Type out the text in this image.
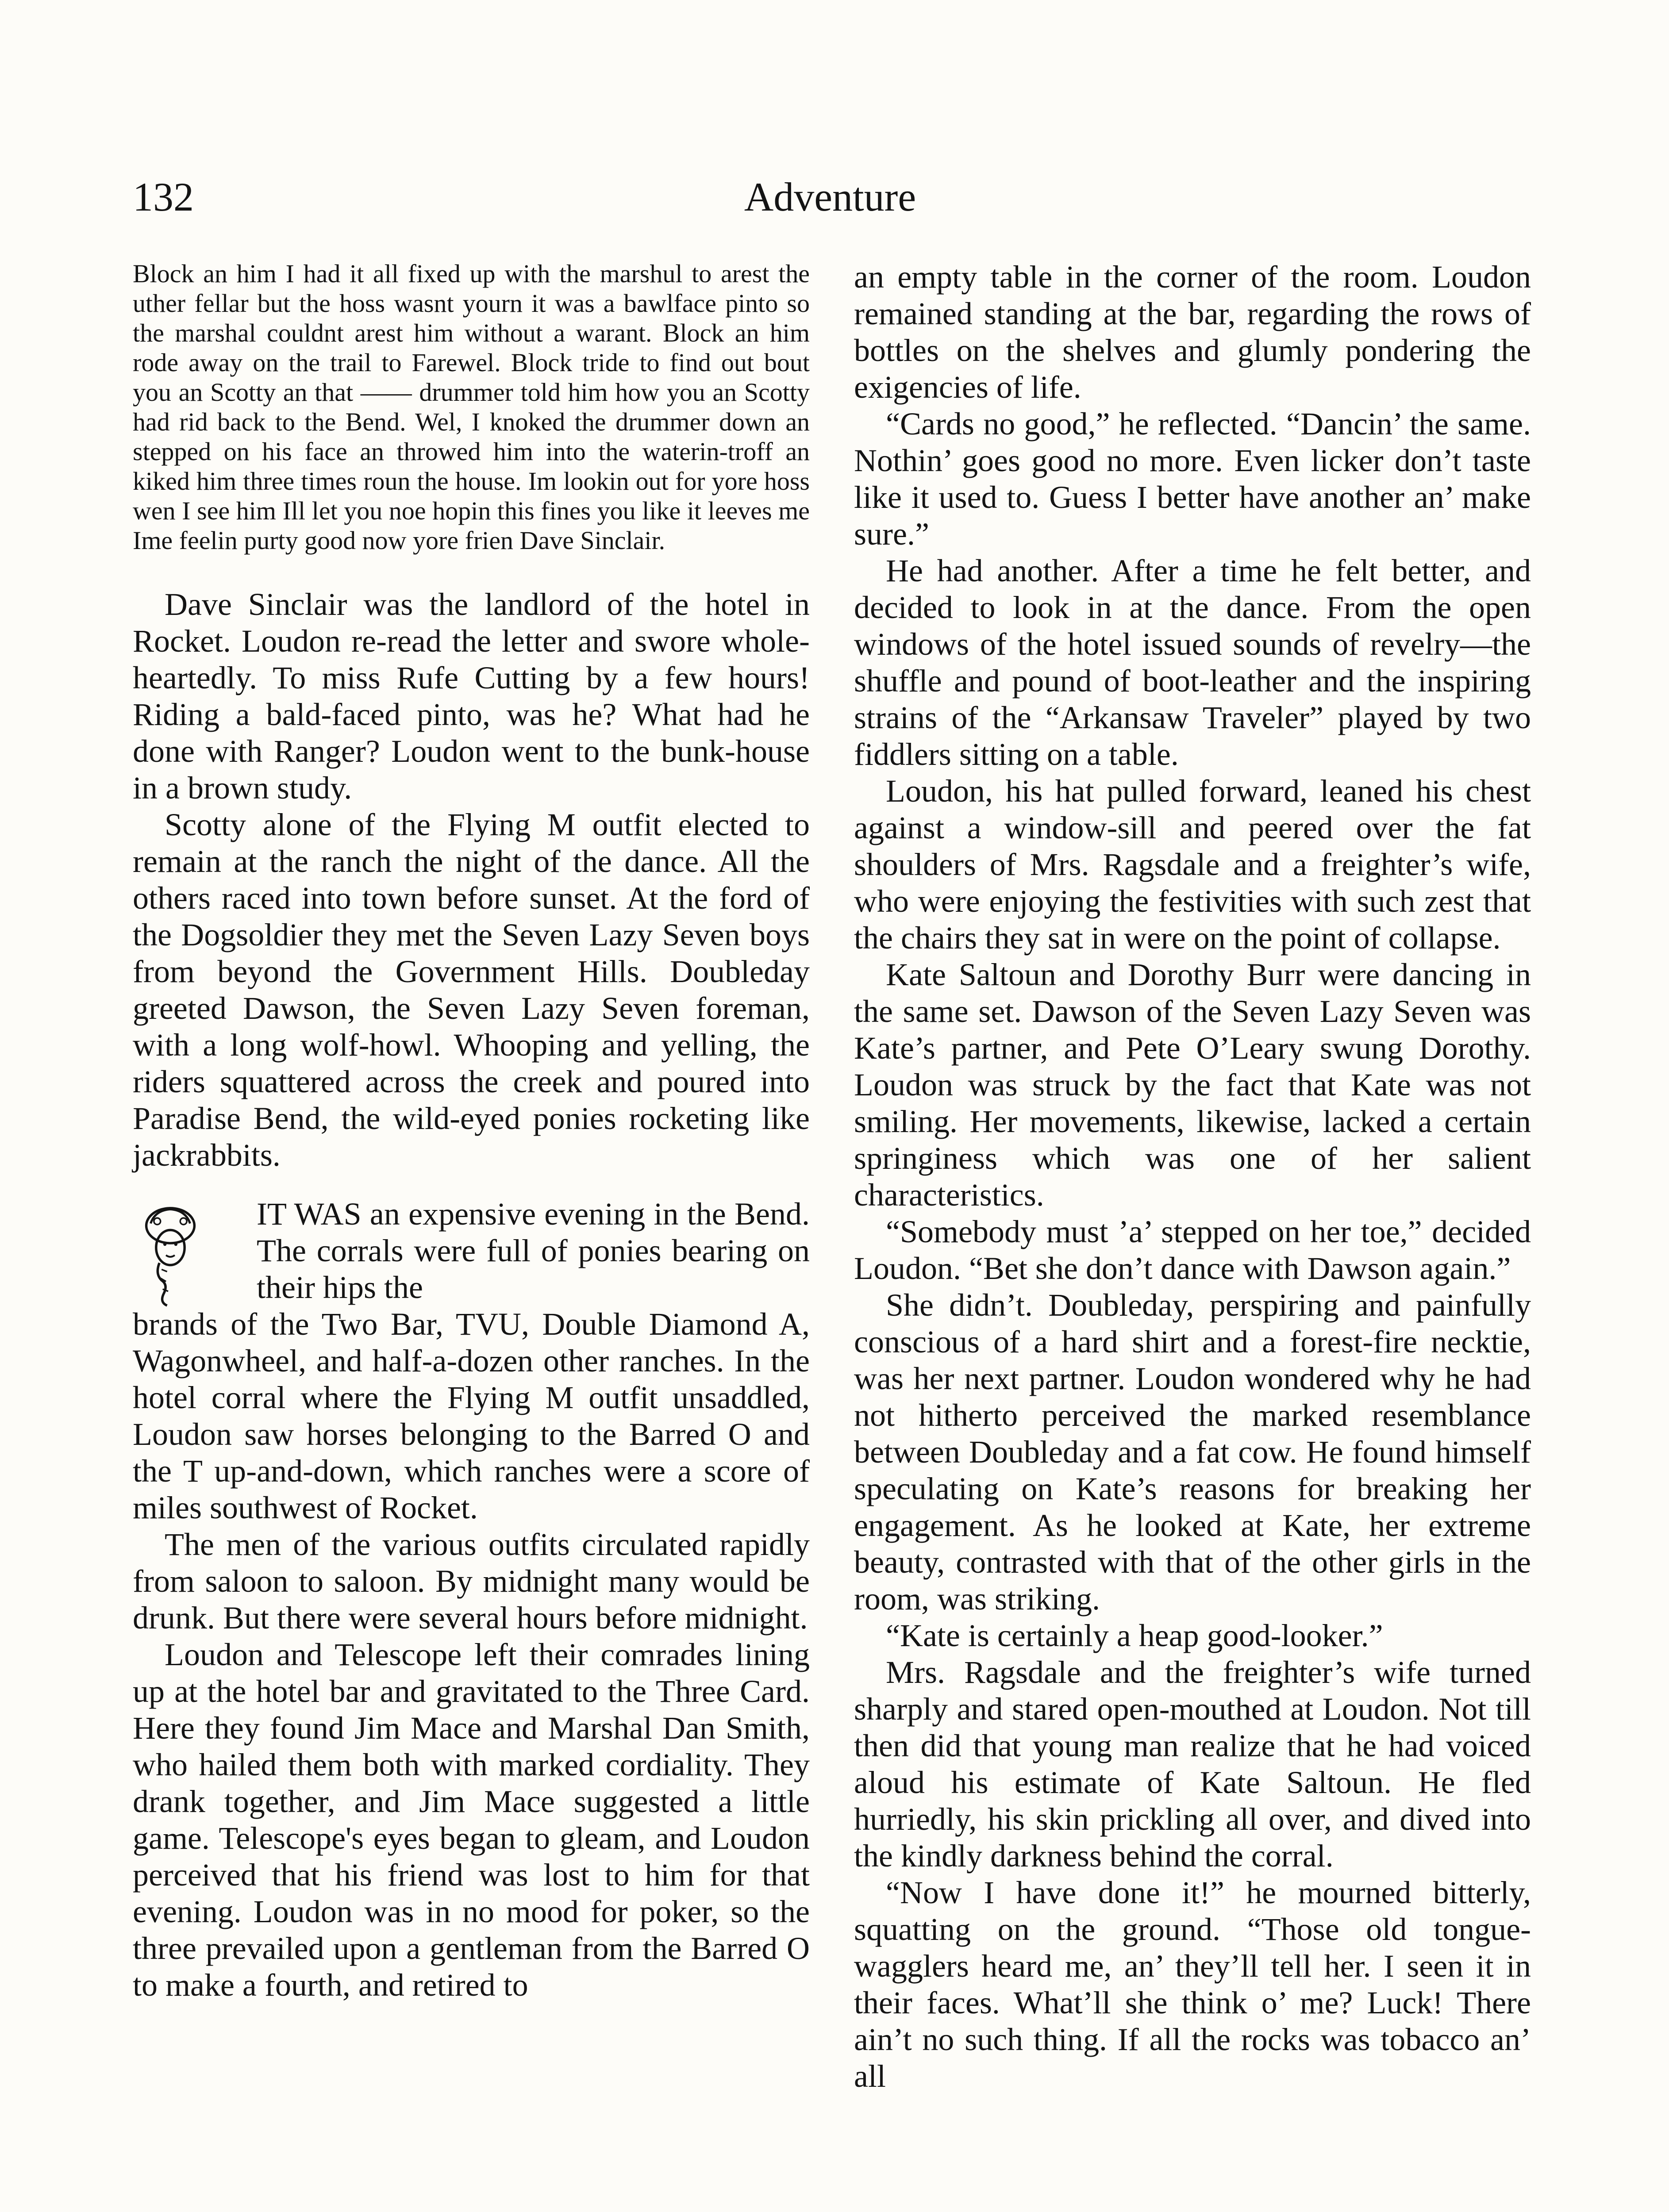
132	Adventure

Block an him I had it all fixed up with the marshul to arest the uther fellar but the hoss wasnt yourn it was a bawlface pinto so the marshal couldnt arest him without a warant. Block an him rode away on the trail to Farewel. Block tride to find out bout you an Scotty an that —— drummer told him how you an Scotty had rid back to the Bend. Wel, I knoked the drummer down an stepped on his face an throwed him into the waterin-troff an kiked him three times roun the house. Im lookin out for yore hoss wen I see him Ill let you noe hopin this fines you like it leeves me Ime feelin purty good now yore frien Dave Sinclair.

Dave Sinclair was the landlord of the hotel in Rocket. Loudon re-read the letter and swore whole-heartedly. To miss Rufe Cutting by a few hours! Riding a bald-faced pinto, was he? What had he done with Ranger? Loudon went to the bunk-house in a brown study.

Scotty alone of the Flying M outfit elected to remain at the ranch the night of the dance. All the others raced into town before sunset. At the ford of the Dogsoldier they met the Seven Lazy Seven boys from beyond the Government Hills. Doubleday greeted Dawson, the Seven Lazy Seven foreman, with a long wolf-howl. Whooping and yelling, the riders squattered across the creek and poured into Paradise Bend, the wild-eyed ponies rocketing like jackrabbits.

IT WAS an expensive evening in the Bend. The corrals were full of ponies bearing on their hips the

brands of the Two Bar, TVU, Double Diamond A, Wagonwheel, and half-a-dozen other ranches. In the hotel corral where the Flying M outfit unsaddled, Loudon saw horses belonging to the Barred O and the T up-and-down, which ranches were a score of miles southwest of Rocket.

The men of the various outfits circulated rapidly from saloon to saloon. By midnight many would be drunk. But there were several hours before midnight.

Loudon and Telescope left their comrades lining up at the hotel bar and gravitated to the Three Card. Here they found Jim Mace and Marshal Dan Smith, who hailed them both with marked cordiality. They drank together, and Jim Mace suggested a little game. Telescope's eyes began to gleam, and Loudon perceived that his friend was lost to him for that evening. Loudon was in no mood for poker, so the three prevailed upon a gentleman from the Barred O to make a fourth, and retired to

an empty table in the corner of the room. Loudon remained standing at the bar, regarding the rows of bottles on the shelves and glumly pondering the exigencies of life.

“Cards no good,” he reflected. “Dancin’ the same. Nothin’ goes good no more. Even licker don’t taste like it used to. Guess I better have another an’ make sure.”

He had another. After a time he felt better, and decided to look in at the dance. From the open windows of the hotel issued sounds of revelry—the shuffle and pound of boot-leather and the inspiring strains of the “Arkansaw Traveler” played by two fiddlers sitting on a table.

Loudon, his hat pulled forward, leaned his chest against a window-sill and peered over the fat shoulders of Mrs. Ragsdale and a freighter’s wife, who were enjoying the festivities with such zest that the chairs they sat in were on the point of collapse.

Kate Saltoun and Dorothy Burr were dancing in the same set. Dawson of the Seven Lazy Seven was Kate’s partner, and Pete O’Leary swung Dorothy. Loudon was struck by the fact that Kate was not smiling. Her movements, likewise, lacked a certain springiness which was one of her salient characteristics.

“Somebody must ’a’ stepped on her toe,” decided Loudon. “Bet she don’t dance with Dawson again.”

She didn’t. Doubleday, perspiring and painfully conscious of a hard shirt and a forest-fire necktie, was her next partner. Loudon wondered why he had not hitherto perceived the marked resemblance between Doubleday and a fat cow. He found himself speculating on Kate’s reasons for breaking her engagement. As he looked at Kate, her extreme beauty, contrasted with that of the other girls in the room, was striking.

“Kate is certainly a heap good-looker.”

Mrs. Ragsdale and the freighter’s wife turned sharply and stared open-mouthed at Loudon. Not till then did that young man realize that he had voiced aloud his estimate of Kate Saltoun. He fled hurriedly, his skin prickling all over, and dived into the kindly darkness behind the corral.

“Now I have done it!” he mourned bitterly, squatting on the ground. “Those old tongue-wagglers heard me, an’ they’ll tell her. I seen it in their faces. What’ll she think o’ me? Luck! There ain’t no such thing. If all the rocks was tobacco an’ all
